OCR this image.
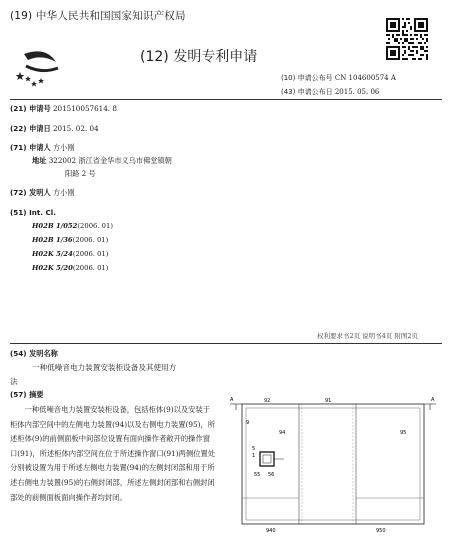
(19) 中华人民共和国国家知识产权局
(12) 发明专利申请
(10) 申请公布号 CN 104600574 A
(43) 申请公布日 2015. 05. 06
(21) 申请号 201510057614. 8
(22) 申请日 2015. 02. 04
(71) 申请人 方小刚
地址 322002 浙江省金华市义乌市佛堂镇朝
阳路 2 号
(72) 发明人 方小刚
(51) Int. Cl.
H02B 1/052(2006. 01)
H02B 1/36(2006. 01)
H02K 5/24(2006. 01)
H02K 5/20(2006. 01)
权利要求书2页 说明书4页 附图2页
(54) 发明名称
一种低噪音电力装置安装柜设备及其使用方
法
(57) 摘要
一种低噪音电力装置安装柜设备，包括柜体(9)以及安装于柜体内部空间中的左侧电力装置(94)以及右侧电力装置(95)，所述柜体(9)的前侧面板中间部位设置有面向操作者敞开的操作窗口(91)，所述柜体内部空间在位于所述操作窗口(91)两侧位置处分别被设置为用于所述左侧电力装置(94)的左侧封闭部和用于所述右侧电力装置(95)的右侧封闭部，所述左侧封闭部和右侧封闭部处的前侧面板面向操作者均封闭。
A	A
92	91
94	95
9
5
55 56
1
940	950
